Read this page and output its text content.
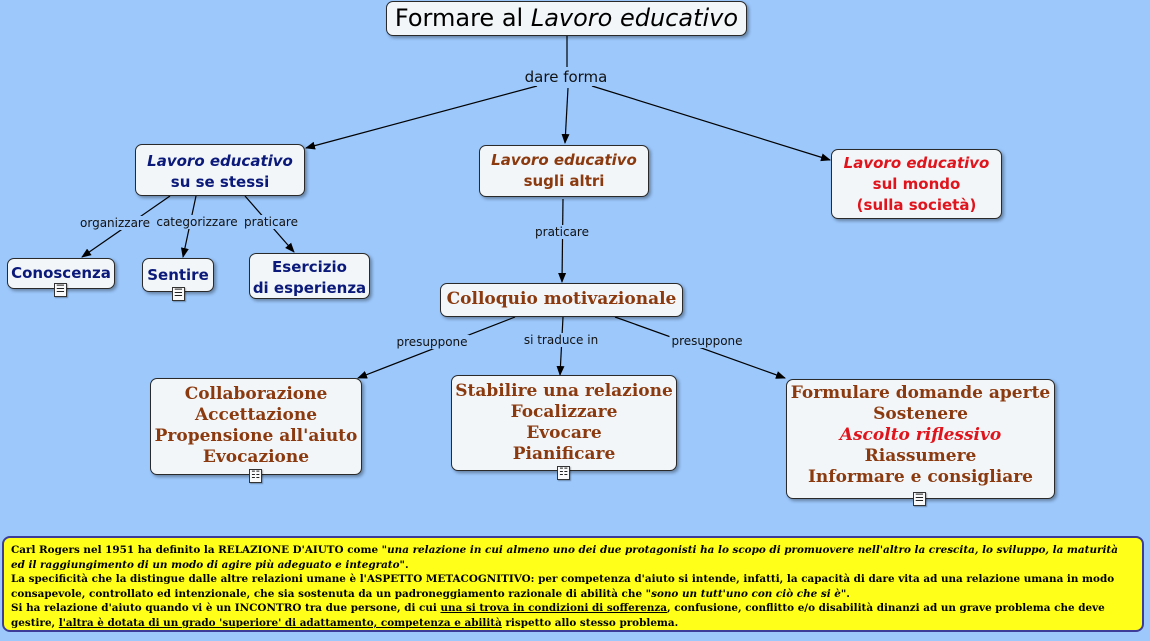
Formare al Lavoro educativo
dare forma
organizzare categorizzare praticare
praticare
presuppone	si traduce in	presuppone
Lavoro educativo
su se stessi
Lavoro educativo
sugli altri
Lavoro educativo
sul mondo
(sulla società)
Conoscenza
☰
Sentire
☰
Esercizio
di esperienza
Colloquio motivazionale
Collaborazione
Accettazione
Propensione all'aiuto
Evocazione
☷
Stabilire una relazione
Focalizzare
Evocare
Pianificare
☷
Formulare domande aperte
Sostenere
Ascolto riflessivo
Riassumere
Informare e consigliare
☰
Carl Rogers nel 1951 ha definito la RELAZIONE D'AIUTO come "una relazione in cui almeno uno dei due protagonisti ha lo scopo di promuovere nell'altro la crescita, lo sviluppo, la maturità ed il raggiungimento di un modo di agire più adeguato e integrato".
La specificità che la distingue dalle altre relazioni umane è l'ASPETTO METACOGNITIVO: per competenza d'aiuto si intende, infatti, la capacità di dare vita ad una relazione umana in modo consapevole, controllato ed intenzionale, che sia sostenuta da un padroneggiamento razionale di abilità che "sono un tutt'uno con ciò che si è".
Si ha relazione d'aiuto quando vi è un INCONTRO tra due persone, di cui una si trova in condizioni di sofferenza, confusione, conflitto e/o disabilità dinanzi ad un grave problema che deve gestire, l'altra è dotata di un grado 'superiore' di adattamento, competenza e abilità rispetto allo stesso problema.
